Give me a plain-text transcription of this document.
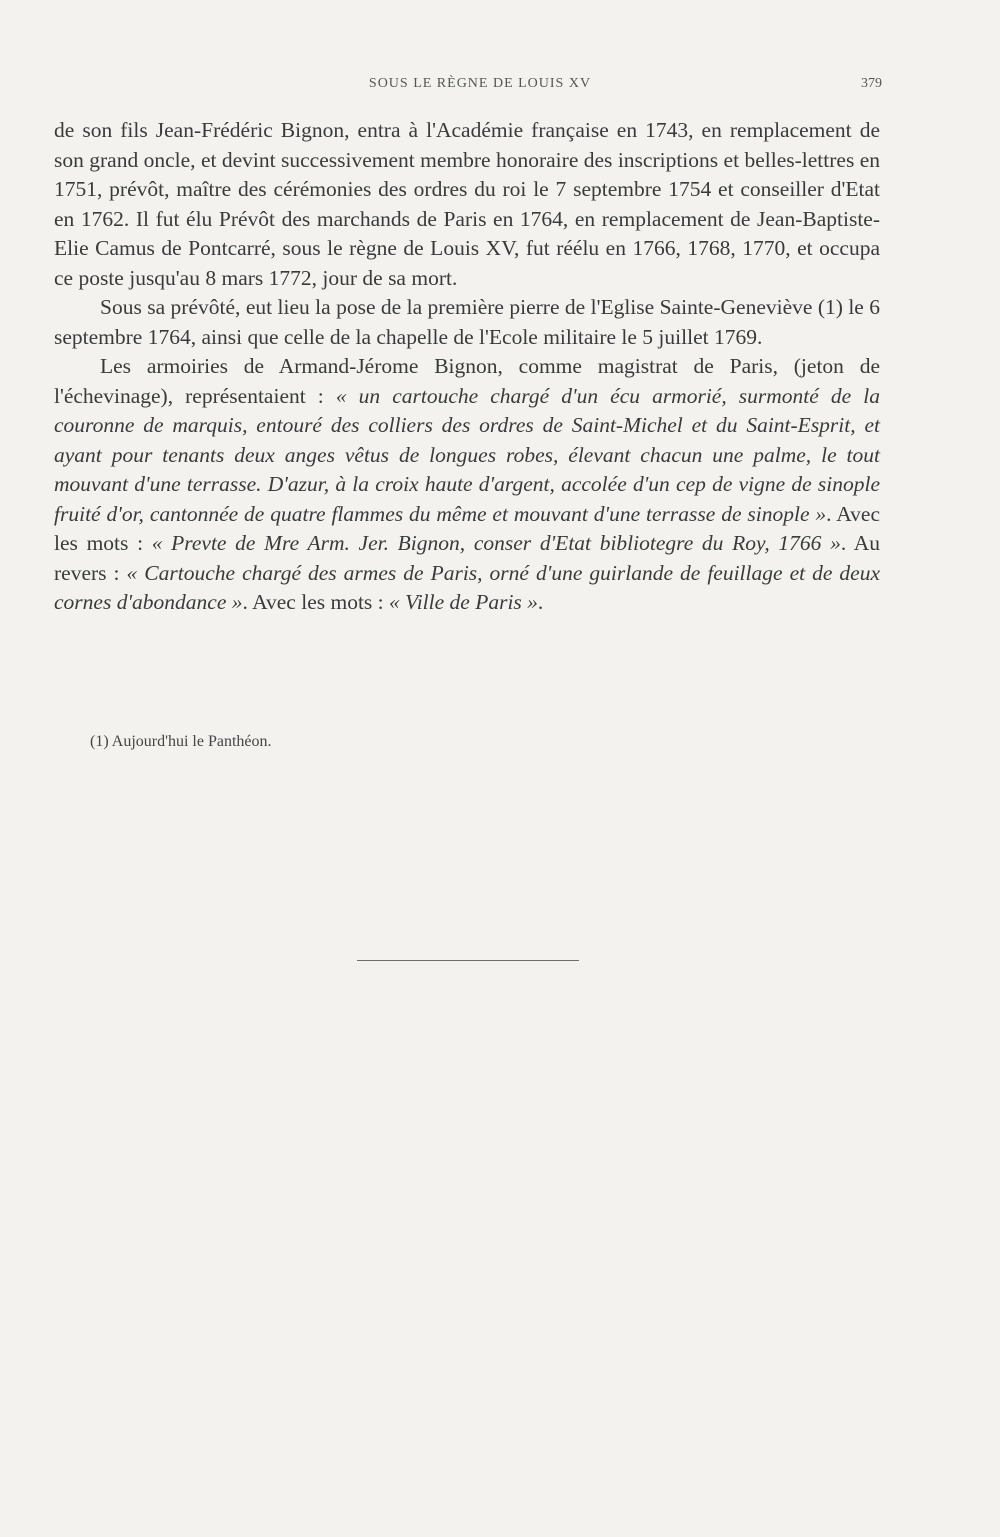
SOUS LE RÈGNE DE LOUIS XV	379

de son fils Jean-Frédéric Bignon, entra à l'Académie française en 1743, en remplacement de son grand oncle, et devint successivement membre honoraire des inscriptions et belles-lettres en 1751, prévôt, maître des cérémonies des ordres du roi le 7 septembre 1754 et conseiller d'Etat en 1762. Il fut élu Prévôt des marchands de Paris en 1764, en remplacement de Jean-Baptiste-Elie Camus de Pontcarré, sous le règne de Louis XV, fut réélu en 1766, 1768, 1770, et occupa ce poste jusqu'au 8 mars 1772, jour de sa mort.

Sous sa prévôté, eut lieu la pose de la première pierre de l'Eglise Sainte-Geneviève (1) le 6 septembre 1764, ainsi que celle de la chapelle de l'Ecole militaire le 5 juillet 1769.

Les armoiries de Armand-Jérome Bignon, comme magistrat de Paris, (jeton de l'échevinage), représentaient : « un cartouche chargé d'un écu armorié, surmonté de la couronne de marquis, entouré des colliers des ordres de Saint-Michel et du Saint-Esprit, et ayant pour tenants deux anges vêtus de longues robes, élevant chacun une palme, le tout mouvant d'une terrasse. D'azur, à la croix haute d'argent, accolée d'un cep de vigne de sinople fruité d'or, cantonnée de quatre flammes du même et mouvant d'une terrasse de sinople ». Avec les mots : « Prevte de Mre Arm. Jer. Bignon, conser d'Etat bibliotegre du Roy, 1766 ». Au revers : « Cartouche chargé des armes de Paris, orné d'une guirlande de feuillage et de deux cornes d'abondance ». Avec les mots : « Ville de Paris ».

(1) Aujourd'hui le Panthéon.
